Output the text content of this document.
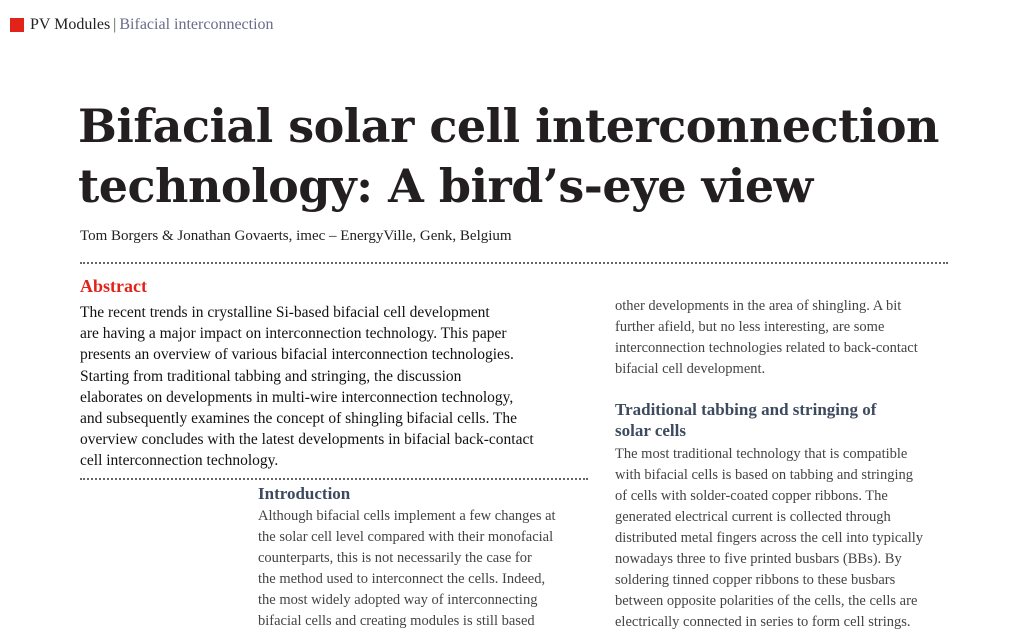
PV Modules | Bifacial interconnection
Bifacial solar cell interconnection
technology: A bird’s-eye view
Tom Borgers & Jonathan Govaerts, imec – EnergyVille, Genk, Belgium
Abstract
The recent trends in crystalline Si-based bifacial cell development
are having a major impact on interconnection technology. This paper
presents an overview of various bifacial interconnection technologies.
Starting from traditional tabbing and stringing, the discussion
elaborates on developments in multi-wire interconnection technology,
and subsequently examines the concept of shingling bifacial cells. The
overview concludes with the latest developments in bifacial back-contact
cell interconnection technology.
Introduction
Although bifacial cells implement a few changes at
the solar cell level compared with their monofacial
counterparts, this is not necessarily the case for
the method used to interconnect the cells. Indeed,
the most widely adopted way of interconnecting
bifacial cells and creating modules is still based
other developments in the area of shingling. A bit
further afield, but no less interesting, are some
interconnection technologies related to back-contact
bifacial cell development.
Traditional tabbing and stringing of
solar cells
The most traditional technology that is compatible
with bifacial cells is based on tabbing and stringing
of cells with solder-coated copper ribbons. The
generated electrical current is collected through
distributed metal fingers across the cell into typically
nowadays three to five printed busbars (BBs). By
soldering tinned copper ribbons to these busbars
between opposite polarities of the cells, the cells are
electrically connected in series to form cell strings.
